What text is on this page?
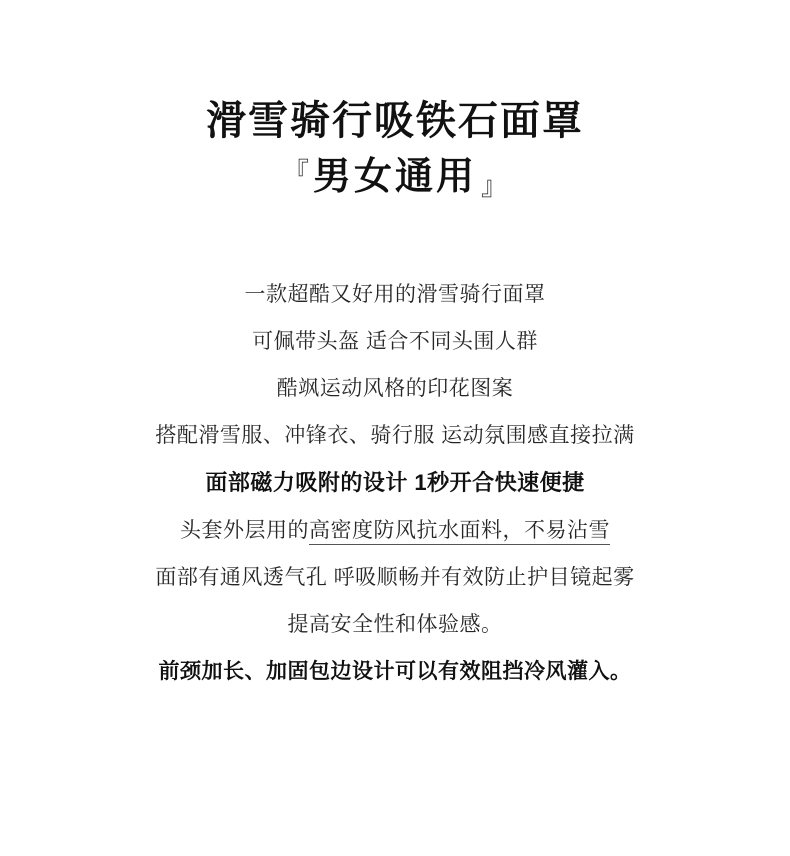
滑雪骑行吸铁石面罩
『 男女通用 』

一款超酷又好用的滑雪骑行面罩

可佩带头盔 适合不同头围人群

酷飒运动风格的印花图案

搭配滑雪服、冲锋衣、骑行服 运动氛围感直接拉满

面部磁力吸附的设计 1秒开合快速便捷

头套外层用的高密度防风抗水面料，不易沾雪

面部有通风透气孔 呼吸顺畅并有效防止护目镜起雾

提高安全性和体验感。

前颈加长、加固包边设计可以有效阻挡冷风灌入。
